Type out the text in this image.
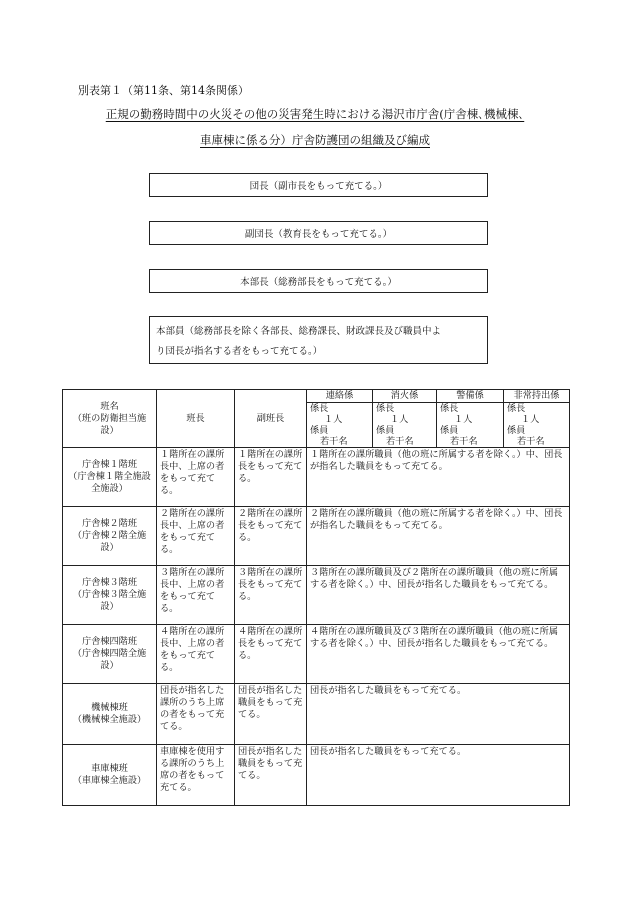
別表第１（第11条、第14条関係）
正規の勤務時間中の火災その他の災害発生時における湯沢市庁舎(庁舎棟､機械棟､
車庫棟に係る分）庁舎防護団の組織及び編成
団長（副市長をもって充てる。）
副団長（教育長をもって充てる。）
本部長（総務部長をもって充てる。）
本部員（総務部長を除く各部長、総務課長、財政課長及び職員中よ
り団長が指名する者をもって充てる。）
班名
（班の防衛担当施設）	班長	副班長	連絡係	消火係	警備係	非常持出係
			係長
１人
係員
若干名	係長
１人
係員
若干名	係長
１人
係員
若干名	係長
１人
係員
若干名

庁舎棟１階班
（庁舎棟１階全施設全施設）	１階所在の課所長中、上席の者をもって充てる。	１階所在の課所長をもって充てる。	１階所在の課所職員（他の班に所属する者を除く。）中、団長が指名した職員をもって充てる。			
庁舎棟２階班
（庁舎棟２階全施設）	２階所在の課所長中、上席の者をもって充てる。	２階所在の課所長をもって充てる。	２階所在の課所職員（他の班に所属する者を除く。）中、団長が指名した職員をもって充てる。			
庁舎棟３階班
（庁舎棟３階全施設）	３階所在の課所長中、上席の者をもって充てる。	３階所在の課所長をもって充てる。	３階所在の課所職員及び２階所在の課所職員（他の班に所属する者を除く。）中、団長が指名した職員をもって充てる。			
庁舎棟四階班
（庁舎棟四階全施設）	４階所在の課所長中、上席の者をもって充てる。	４階所在の課所長をもって充てる。	４階所在の課所職員及び３階所在の課所職員（他の班に所属する者を除く。）中、団長が指名した職員をもって充てる。			
機械棟班
（機械棟全施設）	団長が指名した課所のうち上席の者をもって充てる。	団長が指名した職員をもって充てる。	団長が指名した職員をもって充てる。			
車庫棟班
（車庫棟全施設）	車庫棟を使用する課所のうち上席の者をもって充てる。	団長が指名した職員をもって充てる。	団長が指名した職員をもって充てる。			
